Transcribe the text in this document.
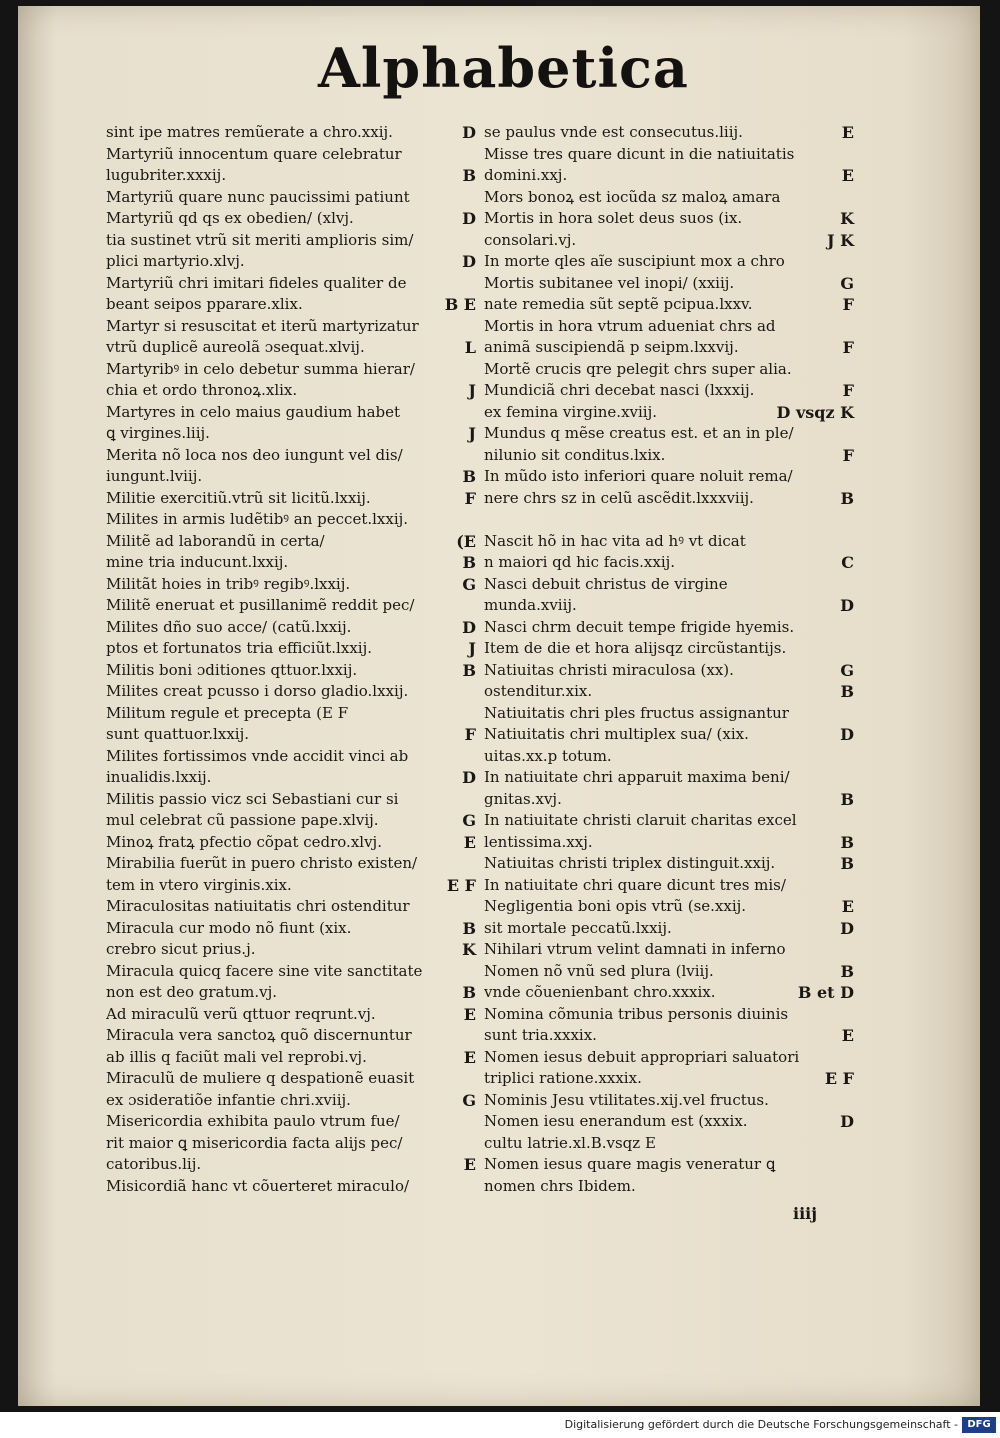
Alphabetica
sint ipe matres remũerate a chro.xxij.	D
Martyriũ innocentum quare celebratur
lugubriter.xxxij.	B
Martyriũ quare nunc paucissimi patiunt
Martyriũ qd qs ex obedien/ (xlvj.	D
tia sustinet vtrũ sit meriti amplioris sim/
plici martyrio.xlvj.	D
Martyriũ chri imitari fideles qualiter de
beant seipos pparare.xlix.	B E
Martyr si resuscitat et iterũ martyrizatur
vtrũ duplicẽ aureolã ɔsequat.xlvij.	L
Martyribꝰ in celo debetur summa hierar/
chia et ordo thronoꝝ.xlix.	J
Martyres in celo maius gaudium habet
ꝗ virgines.liij.	J
Merita nõ loca nos deo iungunt vel dis/
iungunt.lviij.	B
Militie exercitiũ.vtrũ sit licitũ.lxxij.	F
Milites in armis ludẽtibꝰ an peccet.lxxij.
Militẽ ad laborandũ in certa/	(E
mine tria inducunt.lxxij.	B
Militãt hoies in tribꝰ regibꝰ.lxxij.	G
Militẽ eneruat et pusillanimẽ reddit pec/
Milites dño suo acce/ (catũ.lxxij.	D
ptos et fortunatos tria efficiũt.lxxij.	J
Militis boni ɔditiones qttuor.lxxij.	B
Milites creat pcusso i dorso gladio.lxxij.
Militum regule et precepta (E F
sunt quattuor.lxxij.	F
Milites fortissimos vnde accidit vinci ab
inualidis.lxxij.	D
Militis passio vicz sci Sebastiani cur si
mul celebrat cũ passione pape.xlvij.	G
Minoꝝ fratꝝ pfectio cõpat cedro.xlvj.	E
Mirabilia fuerũt in puero christo existen/
tem in vtero virginis.xix.	E F
Miraculositas natiuitatis chri ostenditur
Miracula cur modo nõ fiunt (xix.	B
crebro sicut prius.j.	K
Miracula quicq facere sine vite sanctitate
non est deo gratum.vj.	B
Ad miraculũ verũ qttuor reqrunt.vj.	E
Miracula vera sanctoꝝ quõ discernuntur
ab illis q faciũt mali vel reprobi.vj.	E
Miraculũ de muliere q despationẽ euasit
ex ɔsideratiõe infantie chri.xviij.	G
Misericordia exhibita paulo vtrum fue/
rit maior ꝗ misericordia facta alijs pec/
catoribus.lij.	E
Misicordiã hanc vt cõuerteret miraculo/
se paulus vnde est consecutus.liij.	E
Misse tres quare dicunt in die natiuitatis
domini.xxj.	E
Mors bonoꝝ est iocũda sz maloꝝ amara
Mortis in hora solet deus suos (ix.	K
consolari.vj.	J K
In morte qles aĩe suscipiunt mox a chro
Mortis subitanee vel inopi/ (xxiij.	G
nate remedia sũt septẽ pcipua.lxxv.	F
Mortis in hora vtrum adueniat chrs ad
animã suscipiendã p seipm.lxxvij.	F
Mortẽ crucis qre pelegit chrs super alia.
Mundiciã chri decebat nasci (lxxxij.	F
ex femina virgine.xviij.	D vsqz K
Mundus q mẽse creatus est. et an in ple/
nilunio sit conditus.lxix.	F
In mũdo isto inferiori quare noluit rema/
nere chrs sz in celũ ascẽdit.lxxxviij.	B
Nascit hõ in hac vita ad hꝰ vt dicat
n maiori qd hic facis.xxij.	C
Nasci debuit christus de virgine
munda.xviij.	D
Nasci chrm decuit tempe frigide hyemis.
Item de die et hora alijsqz circũstantijs.
Natiuitas christi miraculosa (xx).	G
ostenditur.xix.	B
Natiuitatis chri ples fructus assignantur
Natiuitatis chri multiplex sua/ (xix.	D
uitas.xx.p totum.
In natiuitate chri apparuit maxima beni/
gnitas.xvj.	B
In natiuitate christi claruit charitas excel
lentissima.xxj.	B
Natiuitas christi triplex distinguit.xxij.	B
In natiuitate chri quare dicunt tres mis/
Negligentia boni opis vtrũ (se.xxij.	E
sit mortale peccatũ.lxxij.	D
Nihilari vtrum velint damnati in inferno
Nomen nõ vnũ sed plura (lviij.	B
vnde cõuenienbant chro.xxxix.	B et D
Nomina cõmunia tribus personis diuinis
sunt tria.xxxix.	E
Nomen iesus debuit appropriari saluatori
triplici ratione.xxxix.	E F
Nominis Jesu vtilitates.xij.vel fructus.
Nomen iesu enerandum est (xxxix.	D
cultu latrie.xl.B.vsqz E
Nomen iesus quare magis veneratur ꝗ
nomen chrs Ibidem.
iiij
Digitalisierung gefördert durch die Deutsche Forschungsgemeinschaft - DFG
